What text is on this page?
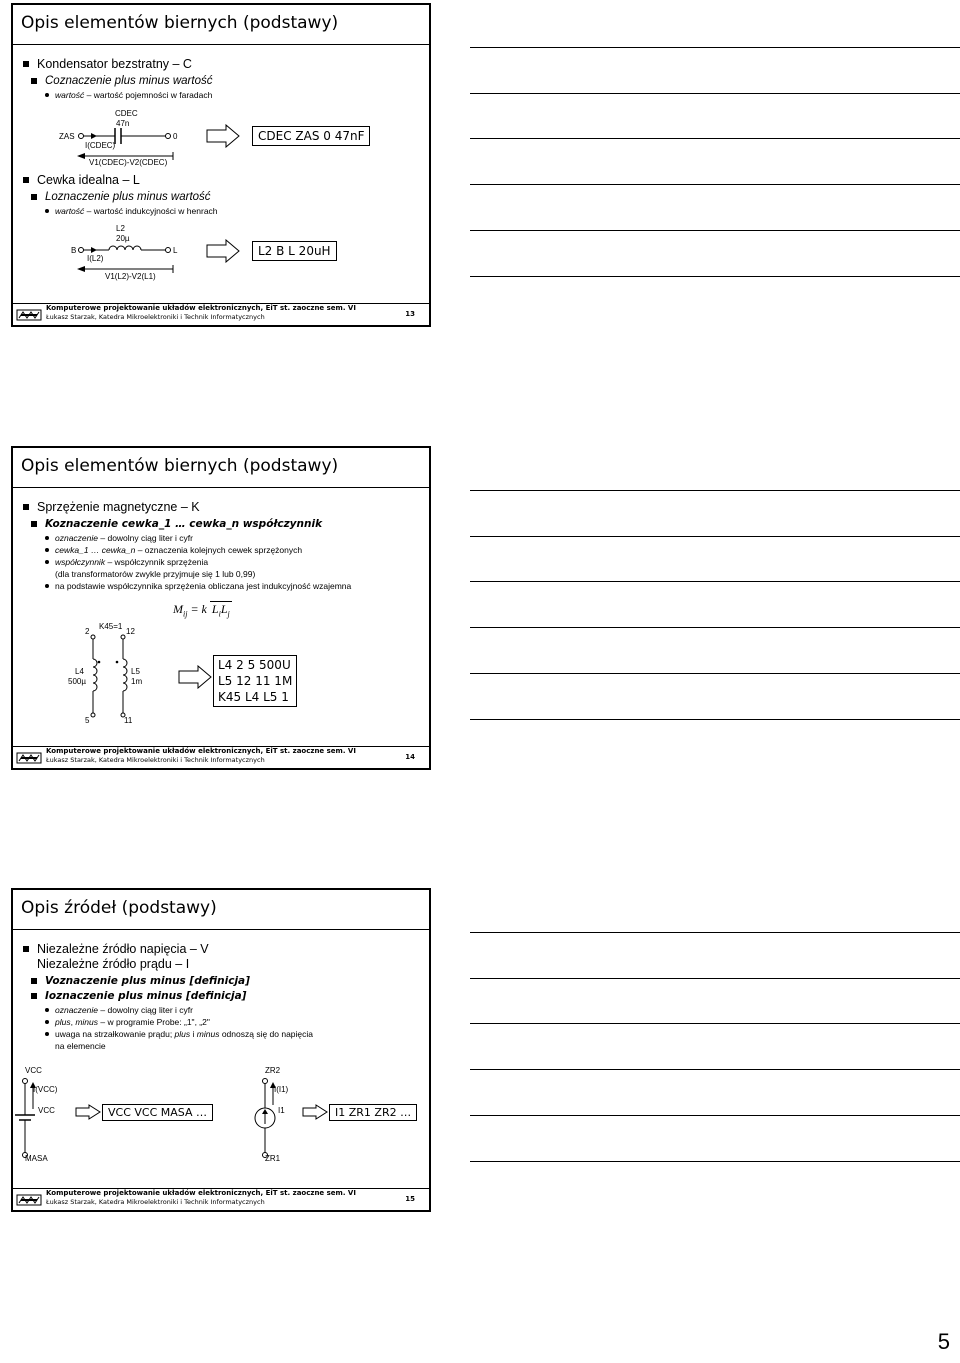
Opis elementów biernych (podstawy)
Kondensator bezstratny – C
Coznaczenie plus minus wartość
wartość – wartość pojemności w faradach
CDEC
47n
ZAS	0
I(CDEC)
V1(CDEC)-V2(CDEC)
CDEC ZAS 0 47nF
Cewka idealna – L
Loznaczenie plus minus wartość
wartość – wartość indukcyjności w henrach
L2
20µ
B	L
I(L2)
V1(L2)-V2(L1)
L2 B L 20uH
Komputerowe projektowanie układów elektronicznych, EiT st. zaoczne sem. VI
Łukasz Starzak, Katedra Mikroelektroniki i Technik Informatycznych	13
Opis elementów biernych (podstawy)
Sprzężenie magnetyczne – K
Koznaczenie cewka_1 … cewka_n współczynnik
oznaczenie – dowolny ciąg liter i cyfr
cewka_1 … cewka_n – oznaczenia kolejnych cewek sprzężonych
współczynnik – współczynnik sprzężenia
(dla transformatorów zwykle przyjmuje się 1 lub 0,99)
na podstawie współczynnika sprzężenia obliczana jest indukcyjność wzajemna
$M_{ij} = k$ $L_iL_j$
K45=1
2	12
L4
500µ
L5
1m
5	11
L4 2 5 500U
L5 12 11 1M
K45 L4 L5 1
Komputerowe projektowanie układów elektronicznych, EiT st. zaoczne sem. VI
Łukasz Starzak, Katedra Mikroelektroniki i Technik Informatycznych	14
Opis źródeł (podstawy)
Niezależne źródło napięcia – V
Niezależne źródło prądu – I
Voznaczenie plus minus [definicja]
Ioznaczenie plus minus [definicja]
oznaczenie – dowolny ciąg liter i cyfr
plus, minus – w programie Probe: „1", „2"
uwaga na strzałkowanie prądu; plus i minus odnoszą się do napięcia
na elemencie
VCC
I(VCC)
VCC
MASA
VCC VCC MASA …
ZR2
I(I1)
I1
ZR1
I1 ZR1 ZR2 …
Komputerowe projektowanie układów elektronicznych, EiT st. zaoczne sem. VI
Łukasz Starzak, Katedra Mikroelektroniki i Technik Informatycznych	15
5
